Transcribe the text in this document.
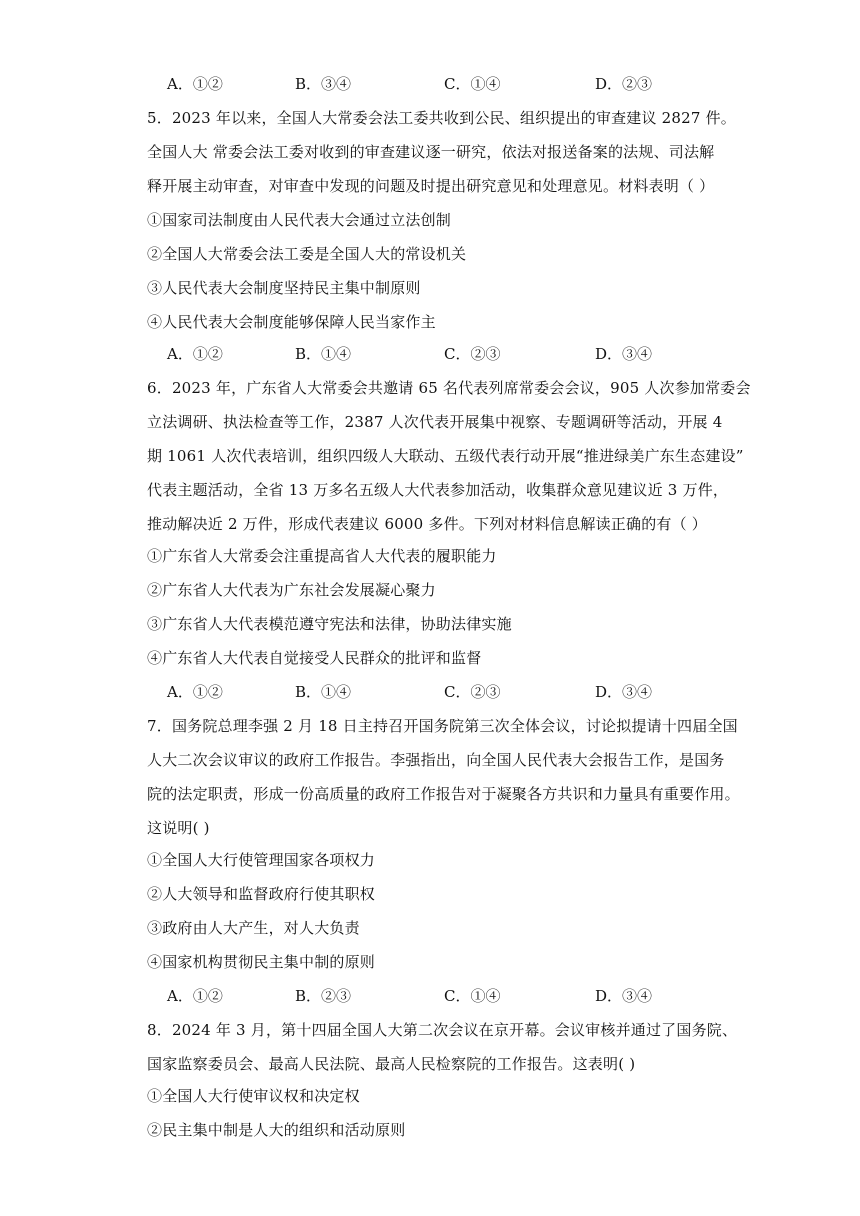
A．①②	B．③④	C．①④	D．②③
5．2023 年以来，全国人大常委会法工委共收到公民、组织提出的审查建议 2827 件。
全国人大 常委会法工委对收到的审查建议逐一研究，依法对报送备案的法规、司法解
释开展主动审查，对审查中发现的问题及时提出研究意见和处理意见。材料表明（ ）
①国家司法制度由人民代表大会通过立法创制
②全国人大常委会法工委是全国人大的常设机关
③人民代表大会制度坚持民主集中制原则
④人民代表大会制度能够保障人民当家作主
A．①②	B．①④	C．②③	D．③④
6．2023 年，广东省人大常委会共邀请 65 名代表列席常委会会议，905 人次参加常委会
立法调研、执法检查等工作，2387 人次代表开展集中视察、专题调研等活动，开展 4
期 1061 人次代表培训，组织四级人大联动、五级代表行动开展“推进绿美广东生态建设”
代表主题活动，全省 13 万多名五级人大代表参加活动，收集群众意见建议近 3 万件，
推动解决近 2 万件，形成代表建议 6000 多件。下列对材料信息解读正确的有（ ）
①广东省人大常委会注重提高省人大代表的履职能力
②广东省人大代表为广东社会发展凝心聚力
③广东省人大代表模范遵守宪法和法律，协助法律实施
④广东省人大代表自觉接受人民群众的批评和监督
A．①②	B．①④	C．②③	D．③④
7．国务院总理李强 2 月 18 日主持召开国务院第三次全体会议，讨论拟提请十四届全国
人大二次会议审议的政府工作报告。李强指出，向全国人民代表大会报告工作，是国务
院的法定职责，形成一份高质量的政府工作报告对于凝聚各方共识和力量具有重要作用。
这说明( )
①全国人大行使管理国家各项权力
②人大领导和监督政府行使其职权
③政府由人大产生，对人大负责
④国家机构贯彻民主集中制的原则
A．①②	B．②③	C．①④	D．③④
8．2024 年 3 月，第十四届全国人大第二次会议在京开幕。会议审核并通过了国务院、
国家监察委员会、最高人民法院、最高人民检察院的工作报告。这表明( )
①全国人大行使审议权和决定权
②民主集中制是人大的组织和活动原则
